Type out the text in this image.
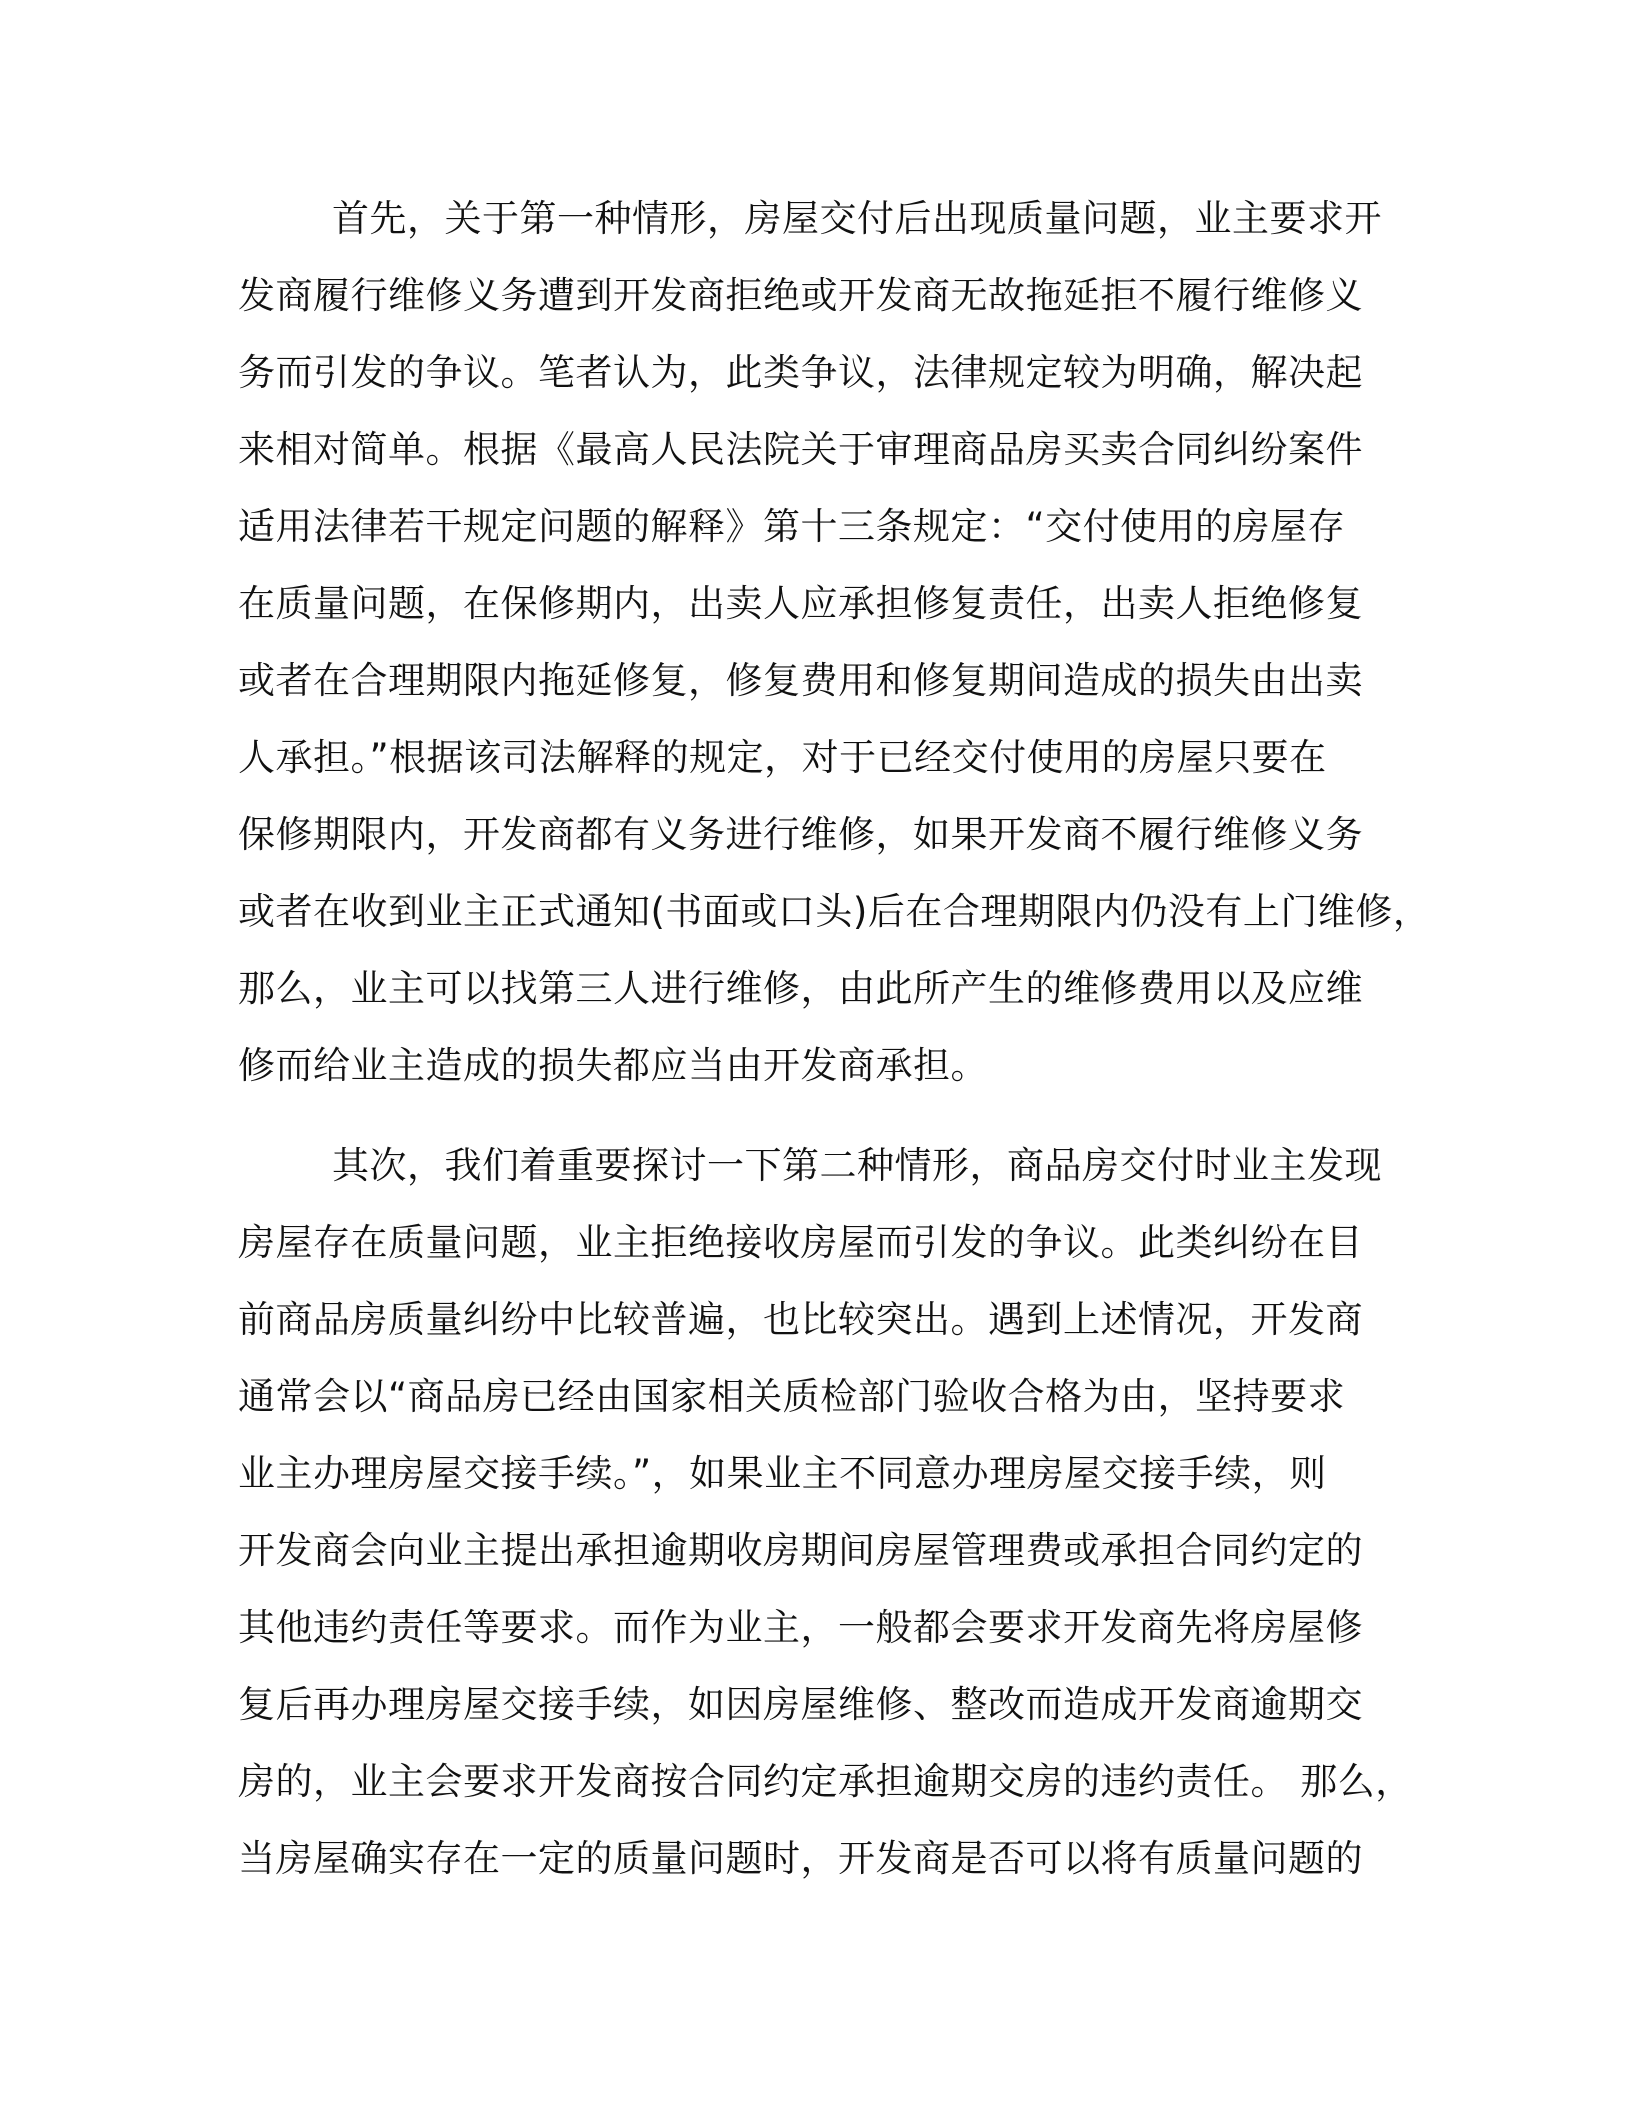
首先，关于第一种情形，房屋交付后出现质量问题，业主要求开
发商履行维修义务遭到开发商拒绝或开发商无故拖延拒不履行维修义
务而引发的争议。笔者认为，此类争议，法律规定较为明确，解决起
来相对简单。根据《最高人民法院关于审理商品房买卖合同纠纷案件
适用法律若干规定问题的解释》第十三条规定：“交付使用的房屋存
在质量问题，在保修期内，出卖人应承担修复责任，出卖人拒绝修复
或者在合理期限内拖延修复，修复费用和修复期间造成的损失由出卖
人承担。”根据该司法解释的规定，对于已经交付使用的房屋只要在
保修期限内，开发商都有义务进行维修，如果开发商不履行维修义务
或者在收到业主正式通知(书面或口头)后在合理期限内仍没有上门维修，
那么，业主可以找第三人进行维修，由此所产生的维修费用以及应维
修而给业主造成的损失都应当由开发商承担。
其次，我们着重要探讨一下第二种情形，商品房交付时业主发现
房屋存在质量问题，业主拒绝接收房屋而引发的争议。此类纠纷在目
前商品房质量纠纷中比较普遍，也比较突出。遇到上述情况，开发商
通常会以“商品房已经由国家相关质检部门验收合格为由，坚持要求
业主办理房屋交接手续。”，如果业主不同意办理房屋交接手续，则
开发商会向业主提出承担逾期收房期间房屋管理费或承担合同约定的
其他违约责任等要求。而作为业主，一般都会要求开发商先将房屋修
复后再办理房屋交接手续，如因房屋维修、整改而造成开发商逾期交
房的，业主会要求开发商按合同约定承担逾期交房的违约责任。 那么，
当房屋确实存在一定的质量问题时，开发商是否可以将有质量问题的
